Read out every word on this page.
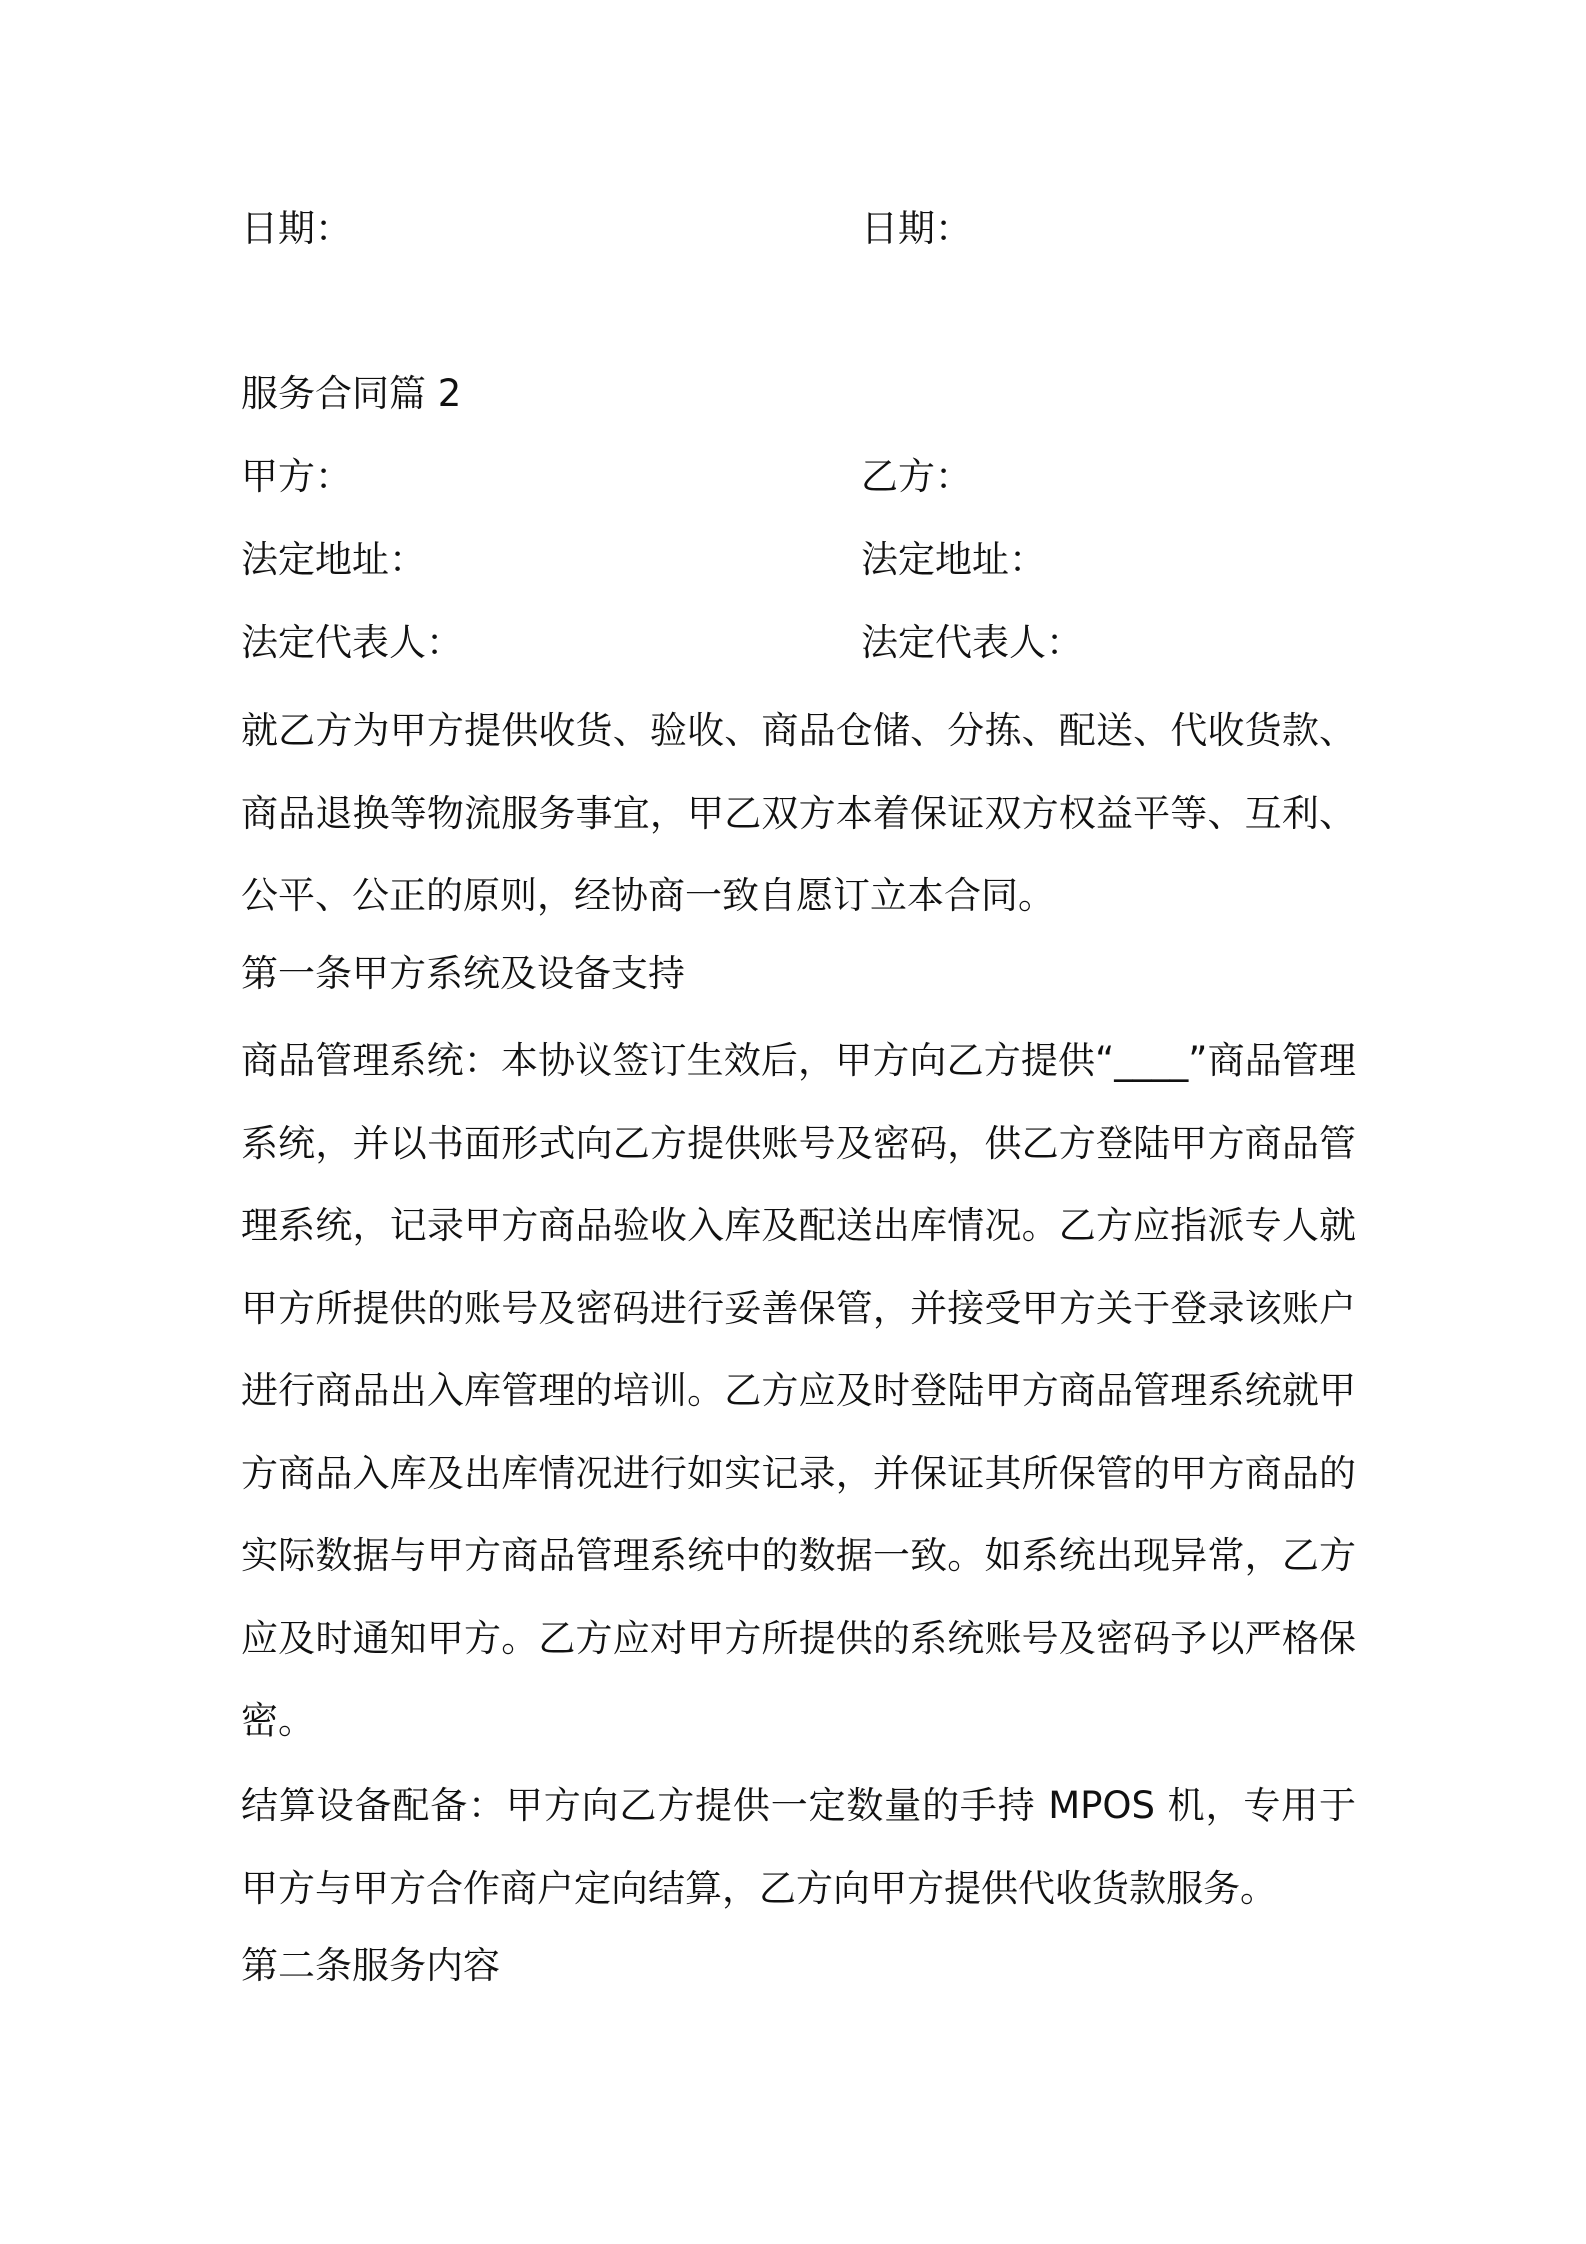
日期：	日期：
服务合同篇 2
甲方：	乙方：
法定地址：	法定地址：
法定代表人：	法定代表人：
就乙方为甲方提供收货、验收、商品仓储、分拣、配送、代收货款、商品退换等物流服务事宜，甲乙双方本着保证双方权益平等、互利、公平、公正的原则，经协商一致自愿订立本合同。
第一条甲方系统及设备支持
商品管理系统：本协议签订生效后，甲方向乙方提供“____”商品管理系统，并以书面形式向乙方提供账号及密码，供乙方登陆甲方商品管理系统，记录甲方商品验收入库及配送出库情况。乙方应指派专人就甲方所提供的账号及密码进行妥善保管，并接受甲方关于登录该账户进行商品出入库管理的培训。乙方应及时登陆甲方商品管理系统就甲方商品入库及出库情况进行如实记录，并保证其所保管的甲方商品的实际数据与甲方商品管理系统中的数据一致。如系统出现异常，乙方应及时通知甲方。乙方应对甲方所提供的系统账号及密码予以严格保密。
结算设备配备：甲方向乙方提供一定数量的手持 MPOS 机，专用于甲方与甲方合作商户定向结算，乙方向甲方提供代收货款服务。
第二条服务内容
